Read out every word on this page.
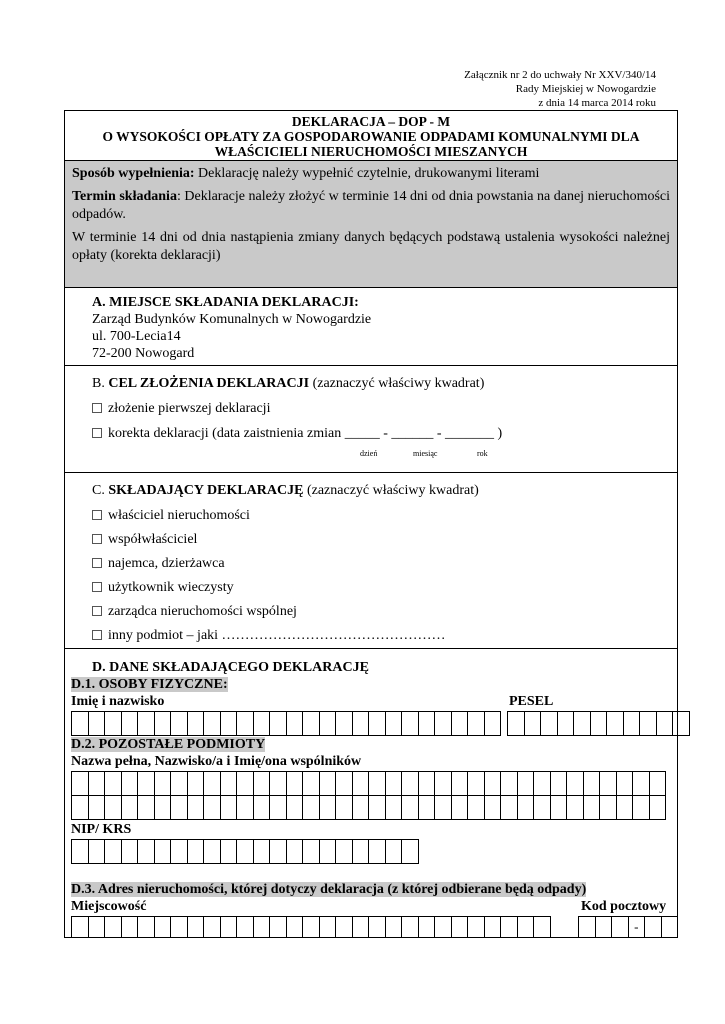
Załącznik nr 2 do uchwały Nr XXV/340/14
Rady Miejskiej w Nowogardzie
z dnia 14 marca 2014 roku
DEKLARACJA – DOP - M
O WYSOKOŚCI OPŁATY ZA GOSPODAROWANIE ODPADAMI KOMUNALNYMI DLA
WŁAŚCICIELI NIERUCHOMOŚCI MIESZANYCH

Sposób wypełnienia: Deklarację należy wypełnić czytelnie, drukowanymi literami

Termin składania: Deklaracje należy złożyć w terminie 14 dni od dnia powstania na danej nieruchomości odpadów.

W terminie 14 dni od dnia nastąpienia zmiany danych będących podstawą ustalenia wysokości należnej opłaty (korekta deklaracji)

A. MIEJSCE SKŁADANIA DEKLARACJI:
Zarząd Budynków Komunalnych w Nowogardzie
ul. 700-Lecia14
72-200 Nowogard
B. CEL ZŁOŻENIA DEKLARACJI (zaznaczyć właściwy kwadrat)
złożenie pierwszej deklaracji
korekta deklaracji (data zaistnienia zmian _____ - ______ - _______ )
dzień	miesiąc	rok
C. SKŁADAJĄCY DEKLARACJĘ (zaznaczyć właściwy kwadrat)
właściciel nieruchomości
współwłaściciel
najemca, dzierżawca
użytkownik wieczysty
zarządca nieruchomości wspólnej
inny podmiot – jaki …………………………………………
D. DANE SKŁADAJĄCEGO DEKLARACJĘ
D.1. OSOBY FIZYCZNE:
Imię i nazwisko	PESEL
D.2. POZOSTAŁE PODMIOTY
Nazwa pełna, Nazwisko/a i Imię/ona wspólników
NIP/ KRS
D.3. Adres nieruchomości, której dotyczy deklaracja (z której odbierane będą odpady)
Miejscowość	Kod pocztowy
-
